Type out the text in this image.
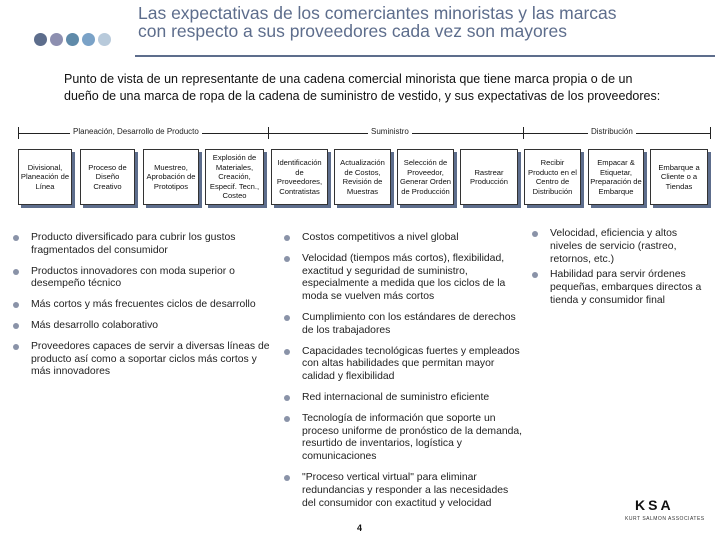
Las expectativas de los comerciantes minoristas y las marcas
con respecto a sus proveedores cada vez son mayores
Punto de vista de un representante de una cadena comercial minorista que tiene marca propia o de un dueño de una marca de ropa de la cadena de suministro de vestido, y sus expectativas de los proveedores:
Planeación, Desarrollo de Producto	Suministro	Distribución
Divisional, Planeación de Línea
Proceso de Diseño Creativo
Muestreo, Aprobación de Prototipos
Explosión de Materiales, Creación, Especif. Tecn., Costeo
Identificación de Proveedores, Contratistas
Actualización de Costos, Revisión de Muestras
Selección de Proveedor, Generar Orden de Producción
Rastrear Producción
Recibir Producto en el Centro de Distribución
Empacar & Etiquetar, Preparación de Embarque
Embarque a Cliente o a Tiendas
Producto diversificado para cubrir los gustos fragmentados del consumidor
Productos innovadores con moda superior o desempeño técnico
Más cortos y más frecuentes ciclos de desarrollo
Más desarrollo colaborativo
Proveedores capaces de servir a diversas líneas de producto así como a soportar ciclos más cortos y más innovadores
Costos competitivos a nivel global
Velocidad (tiempos más cortos), flexibilidad, exactitud y seguridad de suministro, especialmente a medida que los ciclos de la moda se vuelven más cortos
Cumplimiento con los estándares de derechos de los trabajadores
Capacidades tecnológicas fuertes y empleados con altas habilidades que permitan mayor calidad y flexibilidad
Red internacional de suministro eficiente
Tecnología de información que soporte un proceso uniforme de pronóstico de la demanda, resurtido de inventarios, logística y comunicaciones
"Proceso vertical virtual" para eliminar redundancias y responder a las necesidades del consumidor con exactitud y velocidad
Velocidad, eficiencia y altos niveles de servicio (rastreo, retornos, etc.)
Habilidad para servir órdenes pequeñas, embarques directos a tienda y consumidor final
4
KSA
KURT SALMON ASSOCIATES
